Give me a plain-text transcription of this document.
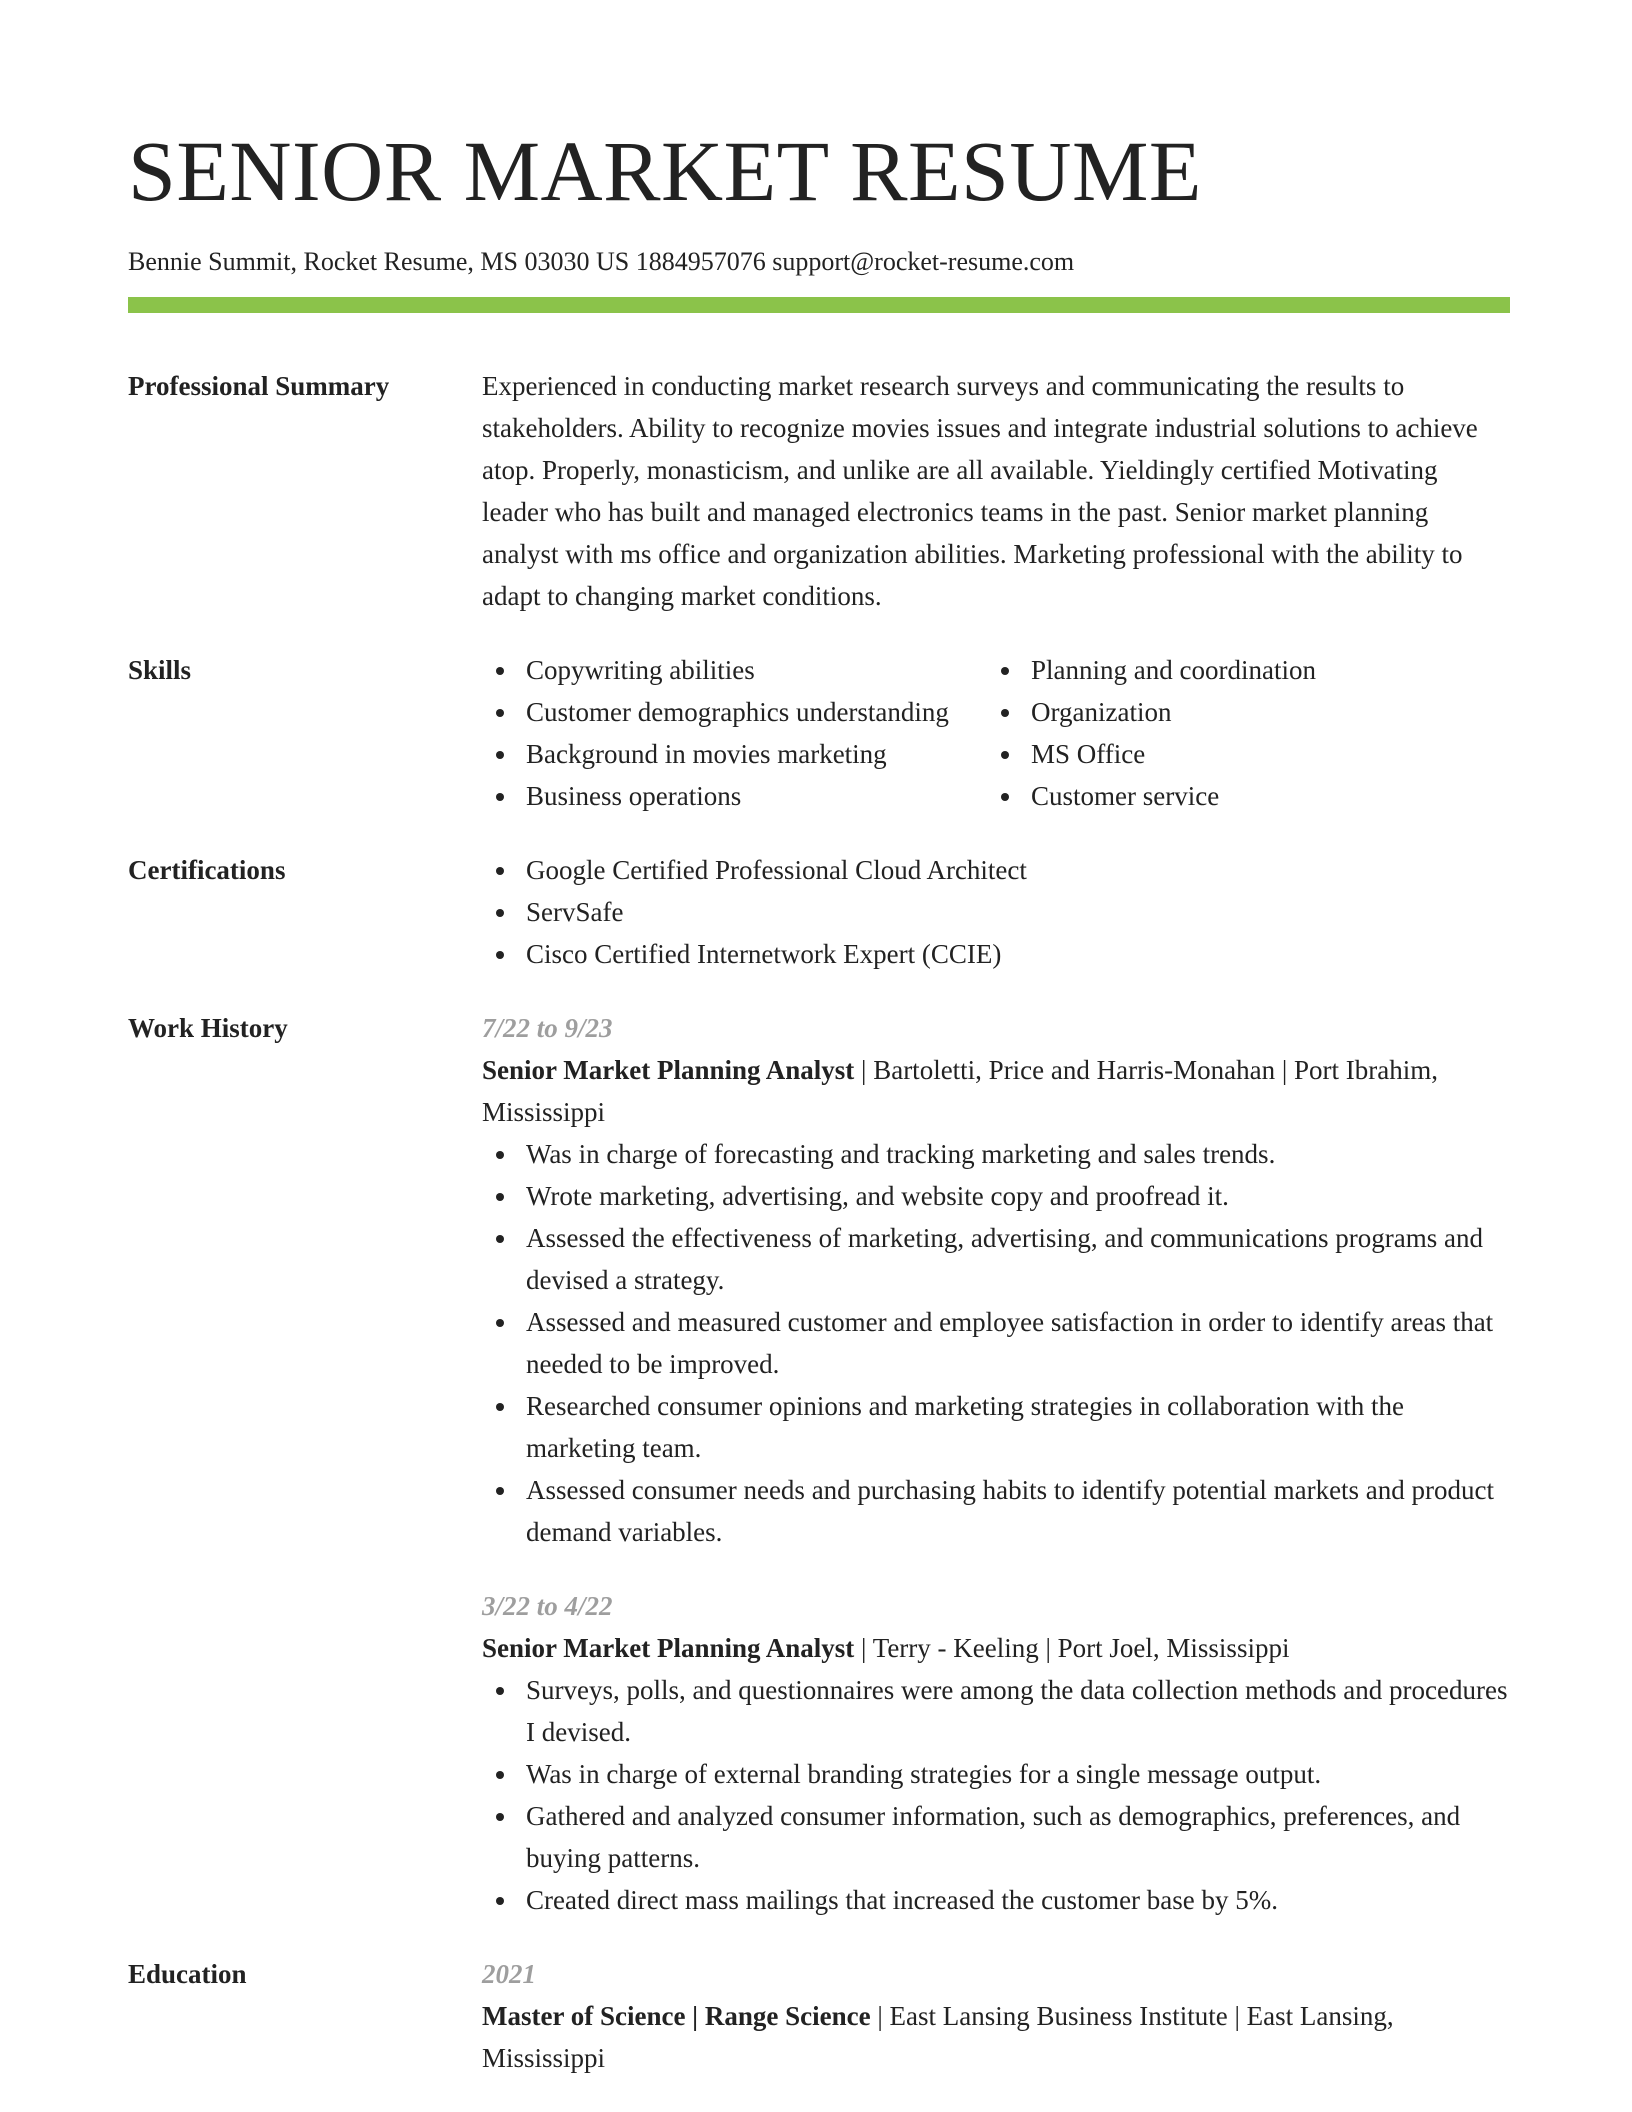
SENIOR MARKET RESUME
Bennie Summit, Rocket Resume, MS 03030 US 1884957076 support@rocket-resume.com
Professional Summary	Experienced in conducting market research surveys and communicating the results to stakeholders. Ability to recognize movies issues and integrate industrial solutions to achieve atop. Properly, monasticism, and unlike are all available. Yieldingly certified Motivating leader who has built and managed electronics teams in the past. Senior market planning analyst with ms office and organization abilities. Marketing professional with the ability to adapt to changing market conditions.

Skills	Copywriting abilities
Customer demographics understanding
Background in movies marketing
Business operations
Planning and coordination
Organization
MS Office
Customer service
Certifications	Google Certified Professional Cloud Architect
ServSafe
Cisco Certified Internetwork Expert (CCIE)
Work History	7/22 to 9/23
Senior Market Planning Analyst | Bartoletti, Price and Harris-Monahan | Port Ibrahim, Mississippi
Was in charge of forecasting and tracking marketing and sales trends.
Wrote marketing, advertising, and website copy and proofread it.
Assessed the effectiveness of marketing, advertising, and communications programs and devised a strategy.
Assessed and measured customer and employee satisfaction in order to identify areas that needed to be improved.
Researched consumer opinions and marketing strategies in collaboration with the marketing team.
Assessed consumer needs and purchasing habits to identify potential markets and product demand variables.
3/22 to 4/22
Senior Market Planning Analyst | Terry - Keeling | Port Joel, Mississippi
Surveys, polls, and questionnaires were among the data collection methods and procedures I devised.
Was in charge of external branding strategies for a single message output.
Gathered and analyzed consumer information, such as demographics, preferences, and buying patterns.
Created direct mass mailings that increased the customer base by 5%.
Education	2021
Master of Science | Range Science | East Lansing Business Institute | East Lansing, Mississippi
